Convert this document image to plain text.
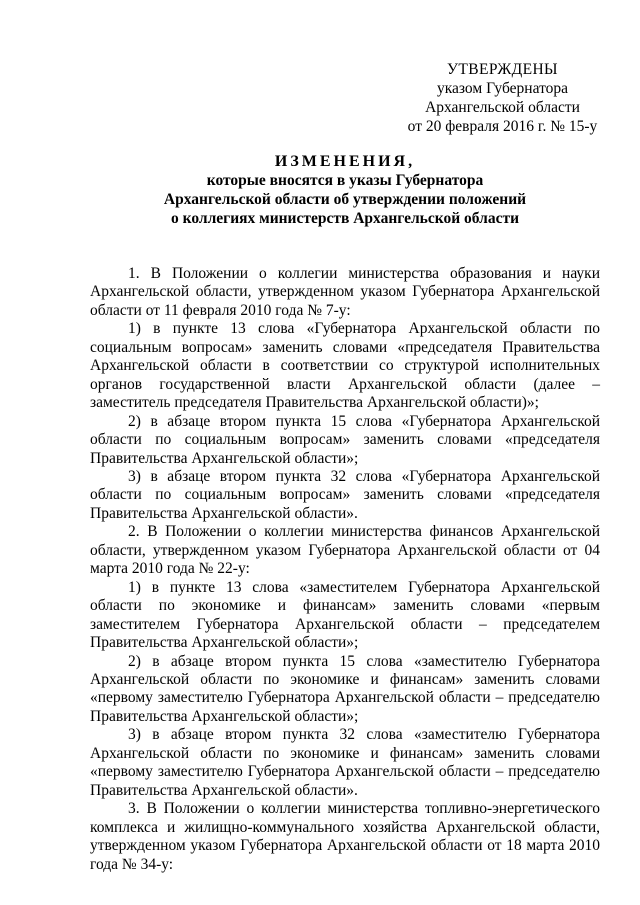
УТВЕРЖДЕНЫ
указом Губернатора
Архангельской области
от 20 февраля 2016 г. № 15-у
ИЗМЕНЕНИЯ,
которые вносятся в указы Губернатора
Архангельской области об утверждении положений
о коллегиях министерств Архангельской области

1. В Положении о коллегии министерства образования и науки Архангельской области, утвержденном указом Губернатора Архангельской области от 11 февраля 2010 года № 7-у:

1) в пункте 13 слова «Губернатора Архангельской области по социальным вопросам» заменить словами «председателя Правительства Архангельской области в соответствии со структурой исполнительных органов государственной власти Архангельской области (далее – заместитель председателя Правительства Архангельской области)»;

2) в абзаце втором пункта 15 слова «Губернатора Архангельской области по социальным вопросам» заменить словами «председателя Правительства Архангельской области»;

3) в абзаце втором пункта 32 слова «Губернатора Архангельской области по социальным вопросам» заменить словами «председателя Правительства Архангельской области».

2. В Положении о коллегии министерства финансов Архангельской области, утвержденном указом Губернатора Архангельской области от 04 марта 2010 года № 22-у:

1) в пункте 13 слова «заместителем Губернатора Архангельской области по экономике и финансам» заменить словами «первым заместителем Губернатора Архангельской области – председателем Правительства Архангельской области»;

2) в абзаце втором пункта 15 слова «заместителю Губернатора Архангельской области по экономике и финансам» заменить словами «первому заместителю Губернатора Архангельской области – председателю Правительства Архангельской области»;

3) в абзаце втором пункта 32 слова «заместителю Губернатора Архангельской области по экономике и финансам» заменить словами «первому заместителю Губернатора Архангельской области – председателю Правительства Архангельской области».

3. В Положении о коллегии министерства топливно-энергетического комплекса и жилищно-коммунального хозяйства Архангельской области, утвержденном указом Губернатора Архангельской области от 18 марта 2010 года № 34-у:
